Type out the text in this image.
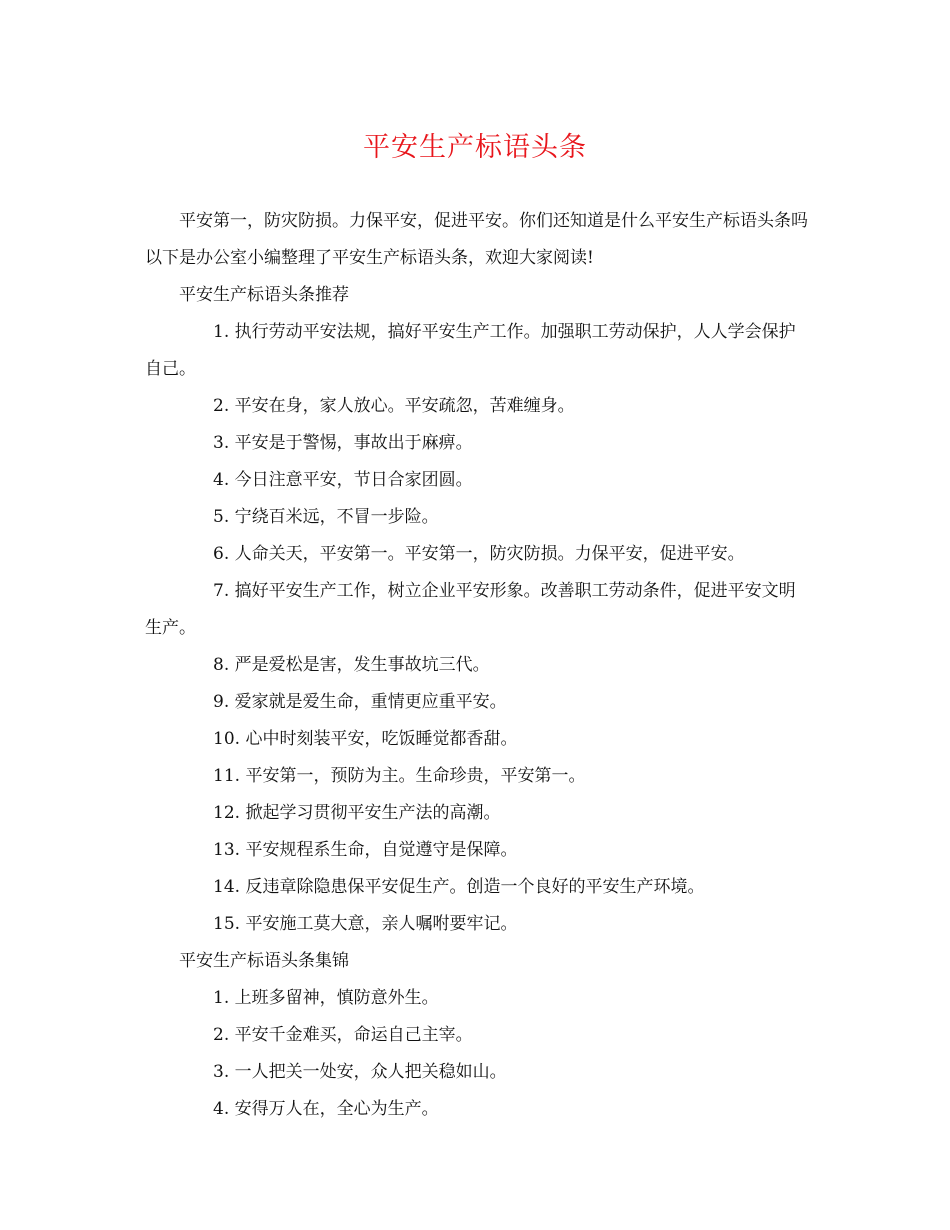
平安生产标语头条

平安第一，防灾防损。力保平安，促进平安。你们还知道是什么平安生产标语头条吗以下是办公室小编整理了平安生产标语头条，欢迎大家阅读!

平安生产标语头条推荐

1. 执行劳动平安法规，搞好平安生产工作。加强职工劳动保护，人人学会保护自己。

2. 平安在身，家人放心。平安疏忽，苦难缠身。

3. 平安是于警惕，事故出于麻痹。

4. 今日注意平安，节日合家团圆。

5. 宁绕百米远，不冒一步险。

6. 人命关天，平安第一。平安第一，防灾防损。力保平安，促进平安。

7. 搞好平安生产工作，树立企业平安形象。改善职工劳动条件，促进平安文明生产。

8. 严是爱松是害，发生事故坑三代。

9. 爱家就是爱生命，重情更应重平安。

10. 心中时刻装平安，吃饭睡觉都香甜。

11. 平安第一，预防为主。生命珍贵，平安第一。

12. 掀起学习贯彻平安生产法的高潮。

13. 平安规程系生命，自觉遵守是保障。

14. 反违章除隐患保平安促生产。创造一个良好的平安生产环境。

15. 平安施工莫大意，亲人嘱咐要牢记。

平安生产标语头条集锦

1. 上班多留神，慎防意外生。

2. 平安千金难买，命运自己主宰。

3. 一人把关一处安，众人把关稳如山。

4. 安得万人在，全心为生产。
